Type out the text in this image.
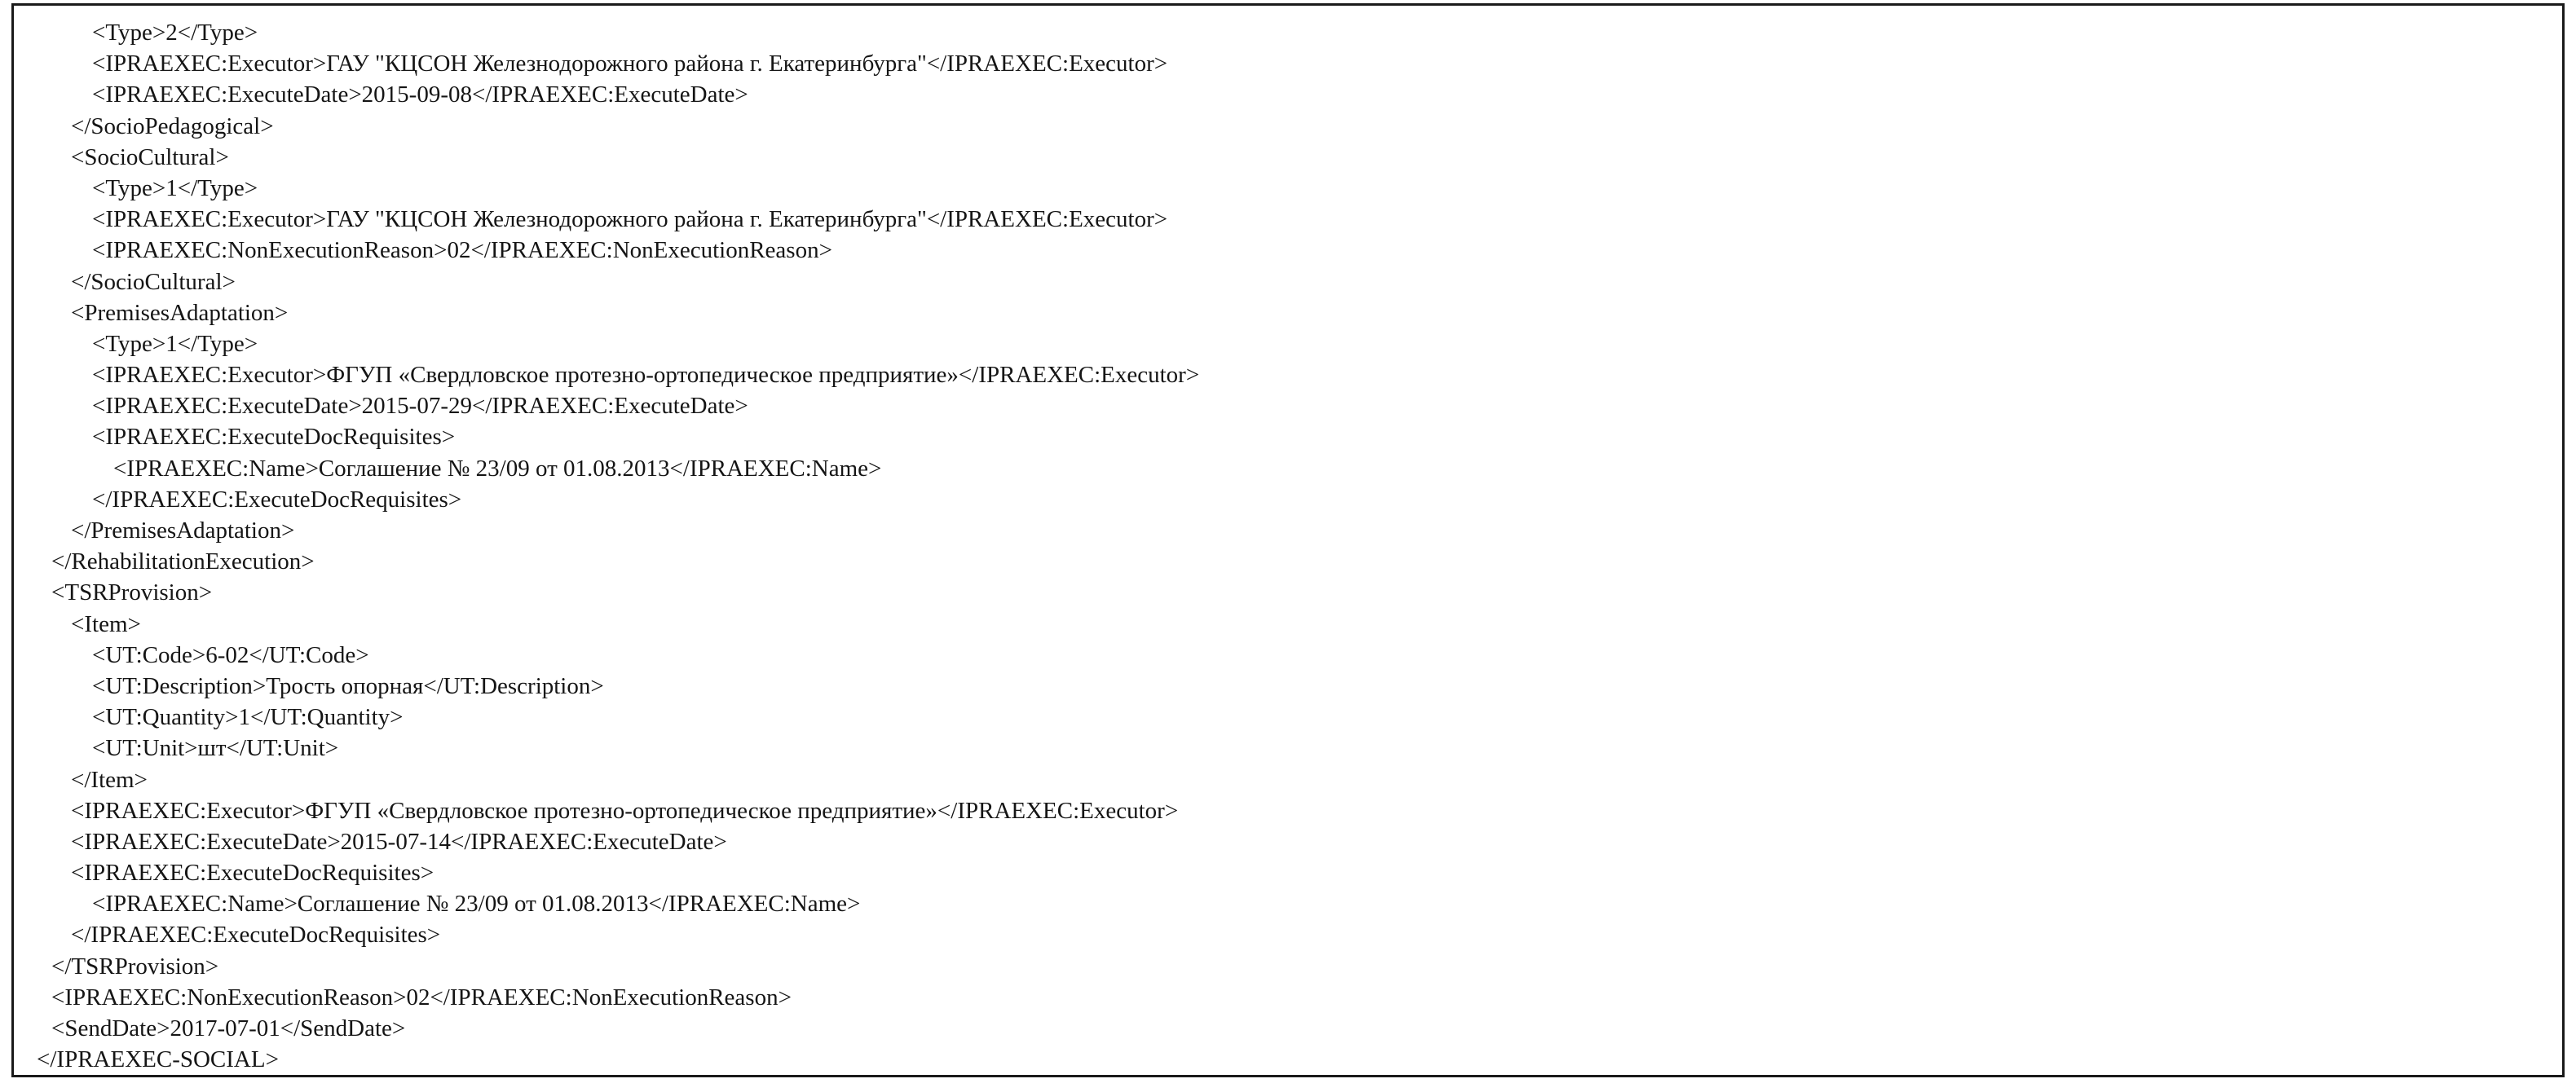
<Type>2</Type>
<IPRAEXEC:Executor>ГАУ "КЦСОН Железнодорожного района г. Екатеринбурга"</IPRAEXEC:Executor>
<IPRAEXEC:ExecuteDate>2015-09-08</IPRAEXEC:ExecuteDate>
</SocioPedagogical>
<SocioCultural>
<Type>1</Type>
<IPRAEXEC:Executor>ГАУ "КЦСОН Железнодорожного района г. Екатеринбурга"</IPRAEXEC:Executor>
<IPRAEXEC:NonExecutionReason>02</IPRAEXEC:NonExecutionReason>
</SocioCultural>
<PremisesAdaptation>
<Type>1</Type>
<IPRAEXEC:Executor>ФГУП «Свердловское протезно-ортопедическое предприятие»</IPRAEXEC:Executor>
<IPRAEXEC:ExecuteDate>2015-07-29</IPRAEXEC:ExecuteDate>
<IPRAEXEC:ExecuteDocRequisites>
<IPRAEXEC:Name>Соглашение № 23/09 от 01.08.2013</IPRAEXEC:Name>
</IPRAEXEC:ExecuteDocRequisites>
</PremisesAdaptation>
</RehabilitationExecution>
<TSRProvision>
<Item>
<UT:Code>6-02</UT:Code>
<UT:Description>Трость опорная</UT:Description>
<UT:Quantity>1</UT:Quantity>
<UT:Unit>шт</UT:Unit>
</Item>
<IPRAEXEC:Executor>ФГУП «Свердловское протезно-ортопедическое предприятие»</IPRAEXEC:Executor>
<IPRAEXEC:ExecuteDate>2015-07-14</IPRAEXEC:ExecuteDate>
<IPRAEXEC:ExecuteDocRequisites>
<IPRAEXEC:Name>Соглашение № 23/09 от 01.08.2013</IPRAEXEC:Name>
</IPRAEXEC:ExecuteDocRequisites>
</TSRProvision>
<IPRAEXEC:NonExecutionReason>02</IPRAEXEC:NonExecutionReason>
<SendDate>2017-07-01</SendDate>
</IPRAEXEC-SOCIAL>
